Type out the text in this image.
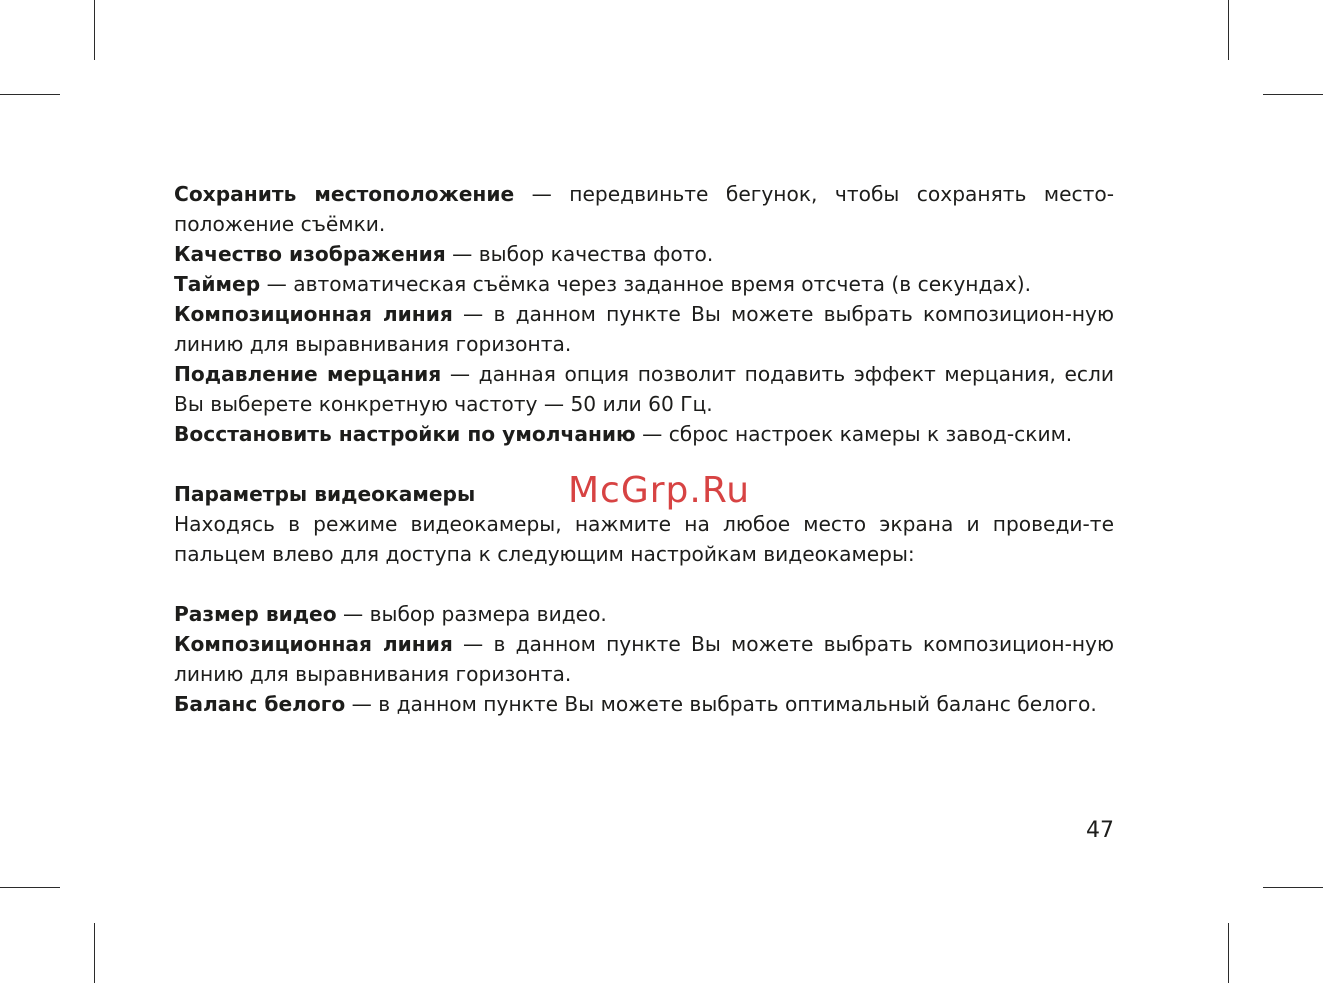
Сохранить местоположение — передвиньте бегунок, чтобы сохранять место-положение съёмки.

Качество изображения — выбор качества фото.

Таймер — автоматическая съёмка через заданное время отсчета (в секундах).

Композиционная линия — в данном пункте Вы можете выбрать композицион-ную линию для выравнивания горизонта.

Подавление мерцания — данная опция позволит подавить эффект мерцания, если Вы выберете конкретную частоту — 50 или 60 Гц.

Восстановить настройки по умолчанию — сброс настроек камеры к завод-ским.

Параметры видеокамеры

Находясь в режиме видеокамеры, нажмите на любое место экрана и проведи-те пальцем влево для доступа к следующим настройкам видеокамеры:

Размер видео — выбор размера видео.

Композиционная линия — в данном пункте Вы можете выбрать композицион-ную линию для выравнивания горизонта.

Баланс белого — в данном пункте Вы можете выбрать оптимальный баланс белого.

McGrp.Ru
47
